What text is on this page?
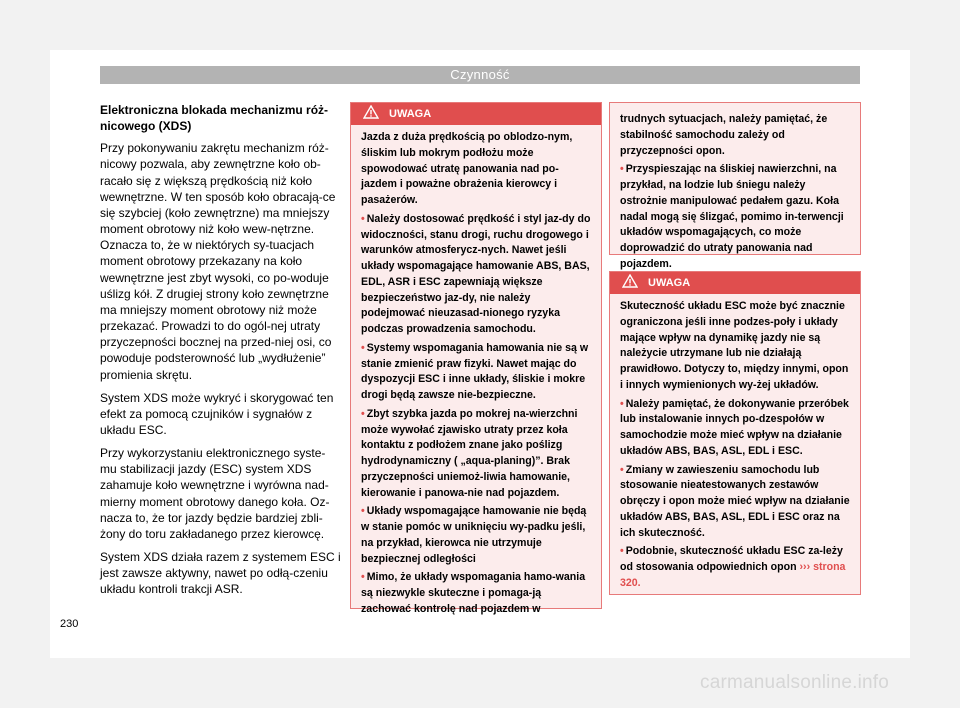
Czynność

Elektroniczna blokada mechanizmu róż-nicowego (XDS)

Przy pokonywaniu zakrętu mechanizm róż-nicowy pozwala, aby zewnętrzne koło ob-racało się z większą prędkością niż koło wewnętrzne. W ten sposób koło obracają-ce się szybciej (koło zewnętrzne) ma mniejszy moment obrotowy niż koło wew-nętrzne. Oznacza to, że w niektórych sy-tuacjach moment obrotowy przekazany na koło wewnętrzne jest zbyt wysoki, co po-woduje uślizg kół. Z drugiej strony koło zewnętrzne ma mniejszy moment obrotowy niż może przekazać. Prowadzi to do ogól-nej utraty przyczepności bocznej na przed-niej osi, co powoduje podsterowność lub „wydłużenie” promienia skrętu.

System XDS może wykryć i skorygować ten efekt za pomocą czujników i sygnałów z układu ESC.

Przy wykorzystaniu elektronicznego syste-mu stabilizacji jazdy (ESC) system XDS zahamuje koło wewnętrzne i wyrówna nad-mierny moment obrotowy danego koła. Oz-nacza to, że tor jazdy będzie bardziej zbli-żony do toru zakładanego przez kierowcę.

System XDS działa razem z systemem ESC i jest zawsze aktywny, nawet po odłą-czeniu układu kontroli trakcji ASR.

UWAGA

Jazda z duża prędkością po oblodzo-nym, śliskim lub mokrym podłożu może spowodować utratę panowania nad po-jazdem i poważne obrażenia kierowcy i pasażerów.

• Należy dostosować prędkość i styl jaz-dy do widoczności, stanu drogi, ruchu drogowego i warunków atmosferycz-nych. Nawet jeśli układy wspomagające hamowanie ABS, BAS, EDL, ASR i ESC zapewniają większe bezpieczeństwo jaz-dy, nie należy podejmować nieuzasad-nionego ryzyka podczas prowadzenia samochodu.

• Systemy wspomagania hamowania nie są w stanie zmienić praw fizyki. Nawet mając do dyspozycji ESC i inne układy, śliskie i mokre drogi będą zawsze nie-bezpieczne.

• Zbyt szybka jazda po mokrej na-wierzchni może wywołać zjawisko utraty przez koła kontaktu z podłożem znane jako poślizg hydrodynamiczny ( „aqua-planing)”. Brak przyczepności uniemoż-liwia hamowanie, kierowanie i panowa-nie nad pojazdem.

• Układy wspomagające hamowanie nie będą w stanie pomóc w uniknięciu wy-padku jeśli, na przykład, kierowca nie utrzymuje bezpiecznej odległości

• Mimo, że układy wspomagania hamo-wania są niezwykle skuteczne i pomaga-ją zachować kontrolę nad pojazdem w

trudnych sytuacjach, należy pamiętać, że stabilność samochodu zależy od przyczepności opon.

• Przyspieszając na śliskiej nawierzchni, na przykład, na lodzie lub śniegu należy ostrożnie manipulować pedałem gazu. Koła nadal mogą się ślizgać, pomimo in-terwencji układów wspomagających, co może doprowadzić do utraty panowania nad pojazdem.

UWAGA

Skuteczność układu ESC może być znacznie ograniczona jeśli inne podzes-poły i układy mające wpływ na dynamikę jazdy nie są należycie utrzymane lub nie działają prawidłowo. Dotyczy to, między innymi, opon i innych wymienionych wy-żej układów.

• Należy pamiętać, że dokonywanie przeróbek lub instalowanie innych po-dzespołów w samochodzie może mieć wpływ na działanie układów ABS, BAS, ASL, EDL i ESC.

• Zmiany w zawieszeniu samochodu lub stosowanie nieatestowanych zestawów obręczy i opon może mieć wpływ na działanie układów ABS, BAS, ASL, EDL i ESC oraz na ich skuteczność.

• Podobnie, skuteczność układu ESC za-leży od stosowania odpowiednich opon ››› strona 320.

230
carmanualsonline.info
